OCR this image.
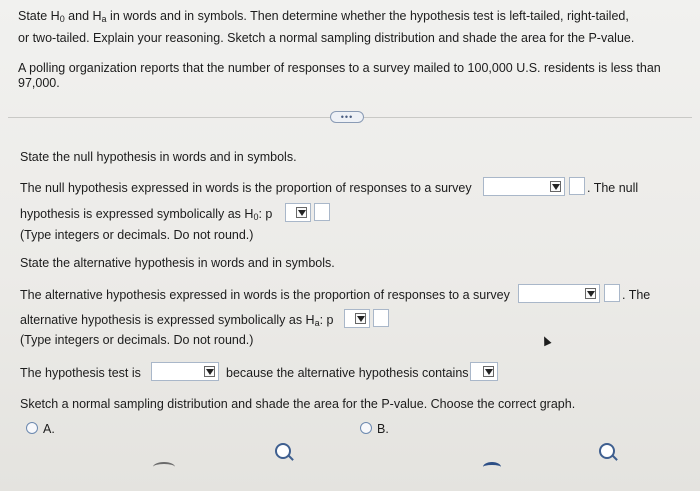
State $H_0$ and $H_a$ in words and in symbols. Then determine whether the hypothesis test is left-tailed, right-tailed,
or two-tailed. Explain your reasoning. Sketch a normal sampling distribution and shade the area for the P-value.
A polling organization reports that the number of responses to a survey mailed to 100,000 U.S. residents is less than
97,000.
•••
State the null hypothesis in words and in symbols.
The null hypothesis expressed in words is the proportion of responses to a survey	. The null
hypothesis is expressed symbolically as $H_0$: p
(Type integers or decimals. Do not round.)
State the alternative hypothesis in words and in symbols.
The alternative hypothesis expressed in words is the proportion of responses to a survey	. The
alternative hypothesis is expressed symbolically as $H_a$: p
(Type integers or decimals. Do not round.)
The hypothesis test is	because the alternative hypothesis contains
Sketch a normal sampling distribution and shade the area for the P-value. Choose the correct graph.
A.	B.
